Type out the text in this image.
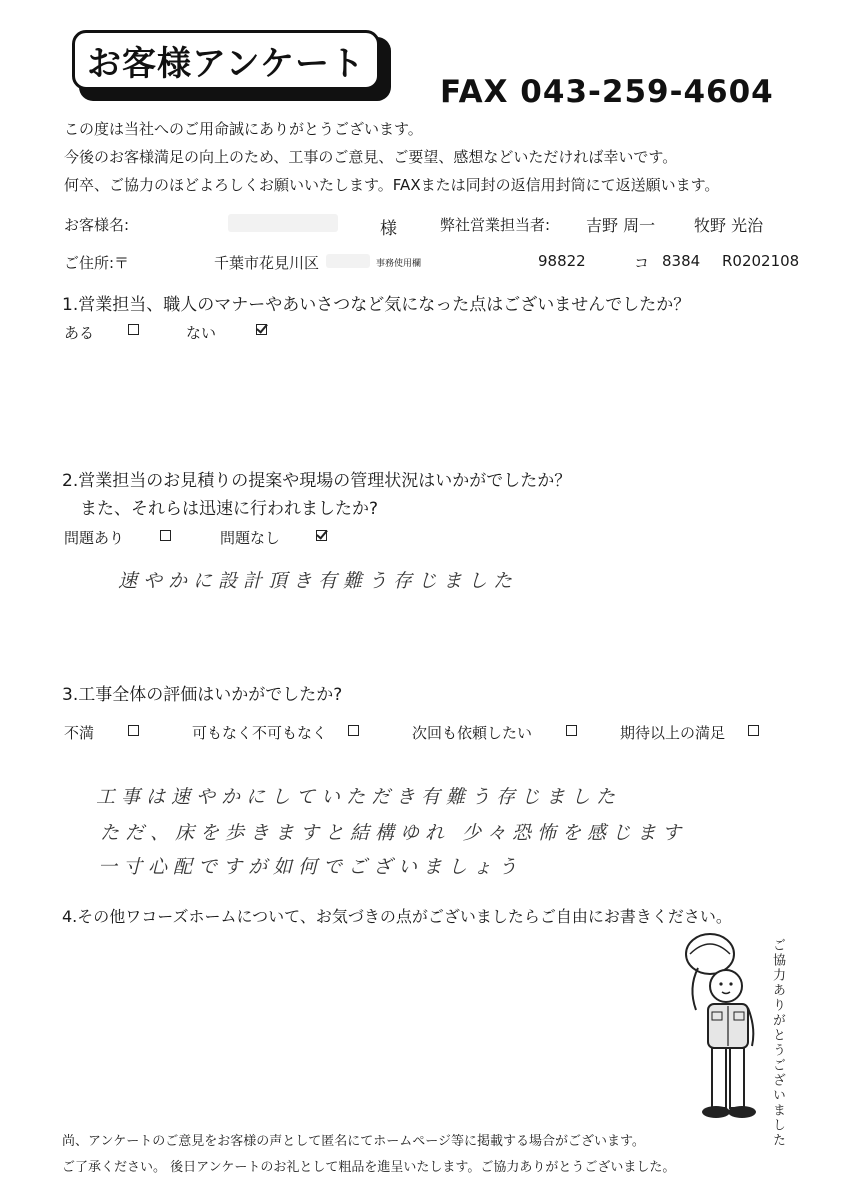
お客様アンケート
FAX 043-259-4604
この度は当社へのご用命誠にありがとうございます。
今後のお客様満足の向上のため、工事のご意見、ご要望、感想などいただければ幸いです。
何卒、ご協力のほどよろしくお願いいたします。FAXまたは同封の返信用封筒にて返送願います。
お客様名:	様	弊社営業担当者: 吉野 周一 牧野 光治
ご住所:〒	千葉市花見川区	事務使用欄	98822	コ 8384 R0202108
1.営業担当、職人のマナーやあいさつなど気になった点はございませんでしたか？
ある	ない
2.営業担当のお見積りの提案や現場の管理状況はいかがでしたか？
また、それらは迅速に行われましたか?
問題あり	問題なし
速やかに設計頂き有難う存じました
3.工事全体の評価はいかがでしたか?
不満	可もなく不可もなく	次回も依頼したい	期待以上の満足
工事は速やかにしていただき有難う存じました
ただ、床を歩きますと結構ゆれ 少々恐怖を感じます
一寸心配ですが如何でございましょう
4.その他ワコーズホームについて、お気づきの点がございましたらご自由にお書きください。
ご協力ありがとうございました
尚、アンケートのご意見をお客様の声として匿名にてホームページ等に掲載する場合がございます。
ご了承ください。 後日アンケートのお礼として粗品を進呈いたします。ご協力ありがとうございました。
